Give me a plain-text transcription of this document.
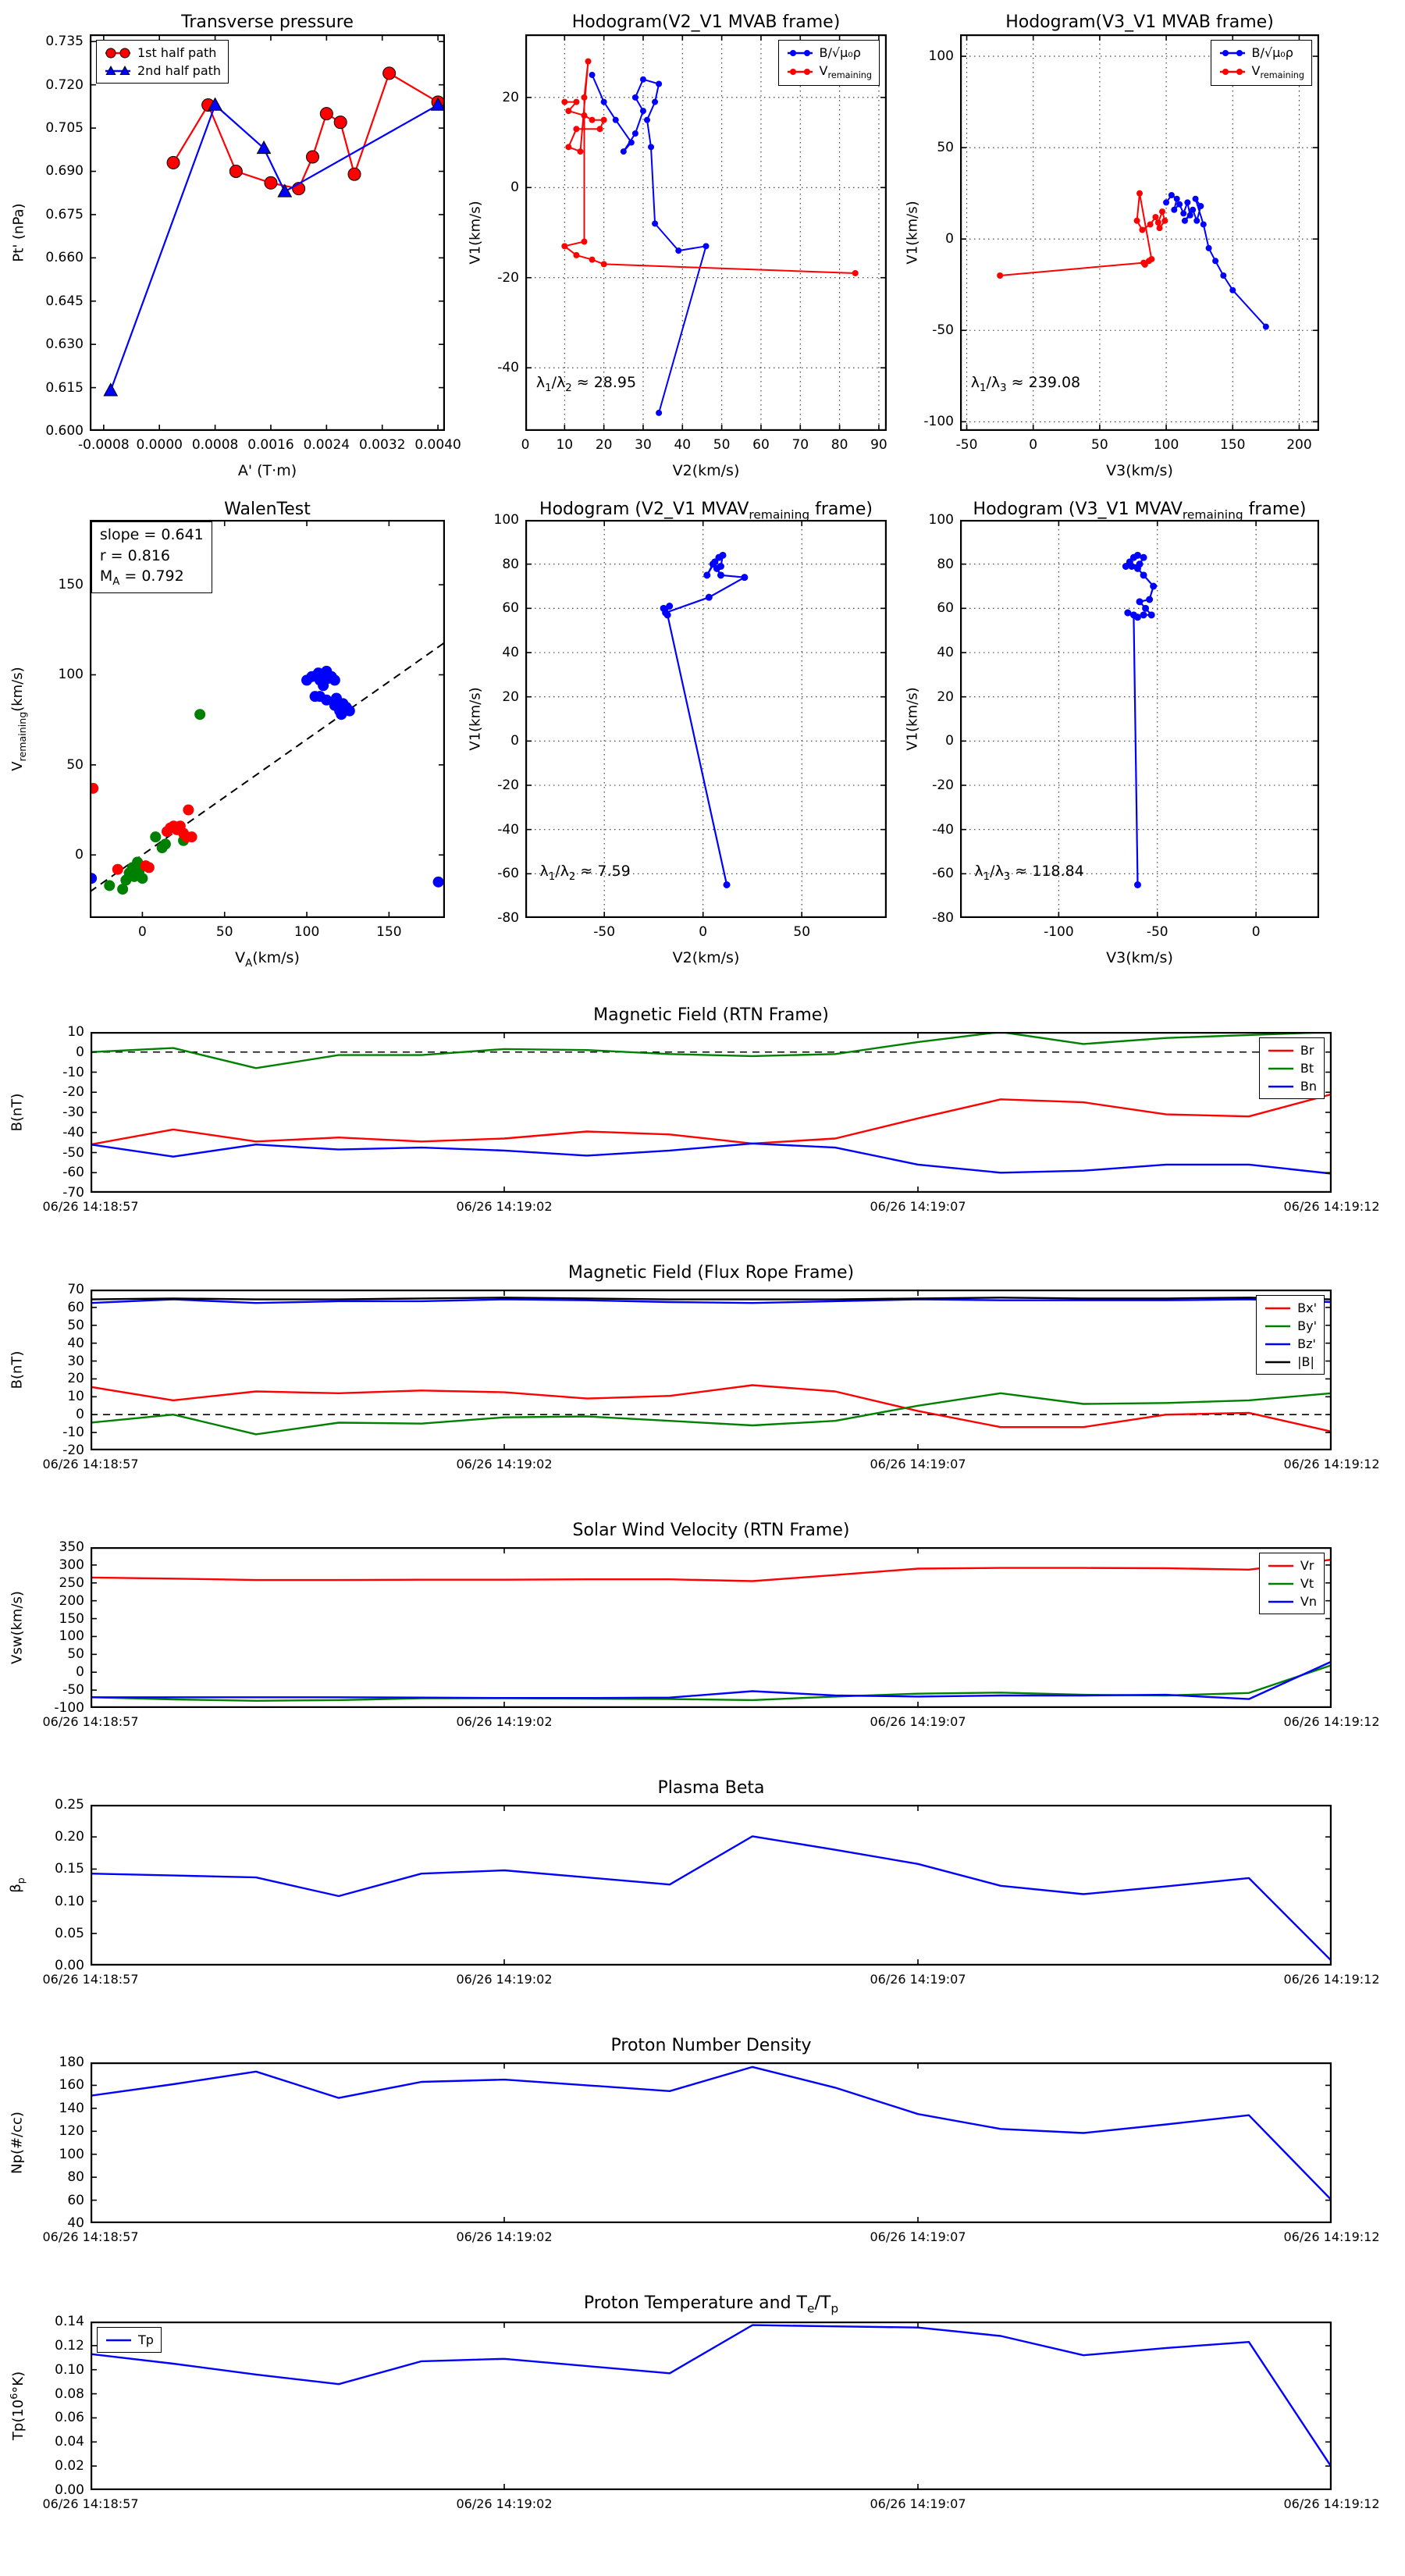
Transverse pressure
A' (T·m)
Pt' (nPa)
-0.0008 0.0000 0.0008 0.0016 0.0024 0.0032 0.0040
0.600
0.615
0.630
0.645
0.660
0.675
0.690
0.705
0.720
0.735
1st half path
2nd half path
Hodogram(V2_V1 MVAB frame)
V2(km/s)
V1(km/s)
0 10 20 30 40 50 60 70 80 90
20
0
-20
-40
B/√μ₀ρ
$V_{remaining}$
$\lambda_1/\lambda_2 \approx 28.95$
Hodogram(V3_V1 MVAB frame)
V3(km/s)
V1(km/s)
-50	0	50	100	150	200
100
50
0
-50
-100
B/√μ₀ρ
$V_{remaining}$
$\lambda_1/\lambda_3 \approx 239.08$
WalenTest
$V_A(km/s)$
$V_{remaining}(km/s)$
0	50	100	150
0
50
100
150
slope = 0.641
r = 0.816
$M_A = 0.792$
Hodogram (V2_V1 $MVAV_{remaining}$ frame)
V2(km/s)
V1(km/s)
-50	0	50
100
80
60
40
20
0
-20
-40
-60
-80
$\lambda_1/\lambda_2 \approx 7.59$
Hodogram (V3_V1 $MVAV_{remaining}$ frame)
V3(km/s)
V1(km/s)
-100	-50	0
100
80
60
40
20
0
-20
-40
-60
-80
$\lambda_1/\lambda_3 \approx 118.84$
Magnetic Field (RTN Frame)
B(nT)
06/26 14:18:57	06/26 14:19:02	06/26 14:19:07	06/26 14:19:12
10
0
-10
-20
-30
-40
-50
-60
-70
Br
Bt
Bn
Magnetic Field (Flux Rope Frame)
B(nT)
06/26 14:18:57	06/26 14:19:02	06/26 14:19:07	06/26 14:19:12
70
60
50
40
30
20
10
0
-10
-20
Bx'
By'
Bz'
|B|
Solar Wind Velocity (RTN Frame)
Vsw(km/s)
06/26 14:18:57	06/26 14:19:02	06/26 14:19:07	06/26 14:19:12
350
300
250
200
150
100
50
0
-50
-100
Vr
Vt
Vn
Plasma Beta
$\beta_p$
06/26 14:18:57	06/26 14:19:02	06/26 14:19:07	06/26 14:19:12
0.25
0.20
0.15
0.10
0.05
0.00
Proton Number Density
Np(#/cc)
06/26 14:18:57	06/26 14:19:02	06/26 14:19:07	06/26 14:19:12
180
160
140
120
100
80
60
40
Proton Temperature and $T_e/T_p$
$Tp(10^6^\circ K)$
06/26 14:18:57	06/26 14:19:02	06/26 14:19:07	06/26 14:19:12
0.14
0.12
0.10
0.08
0.06
0.04
0.02
0.00
Tp
